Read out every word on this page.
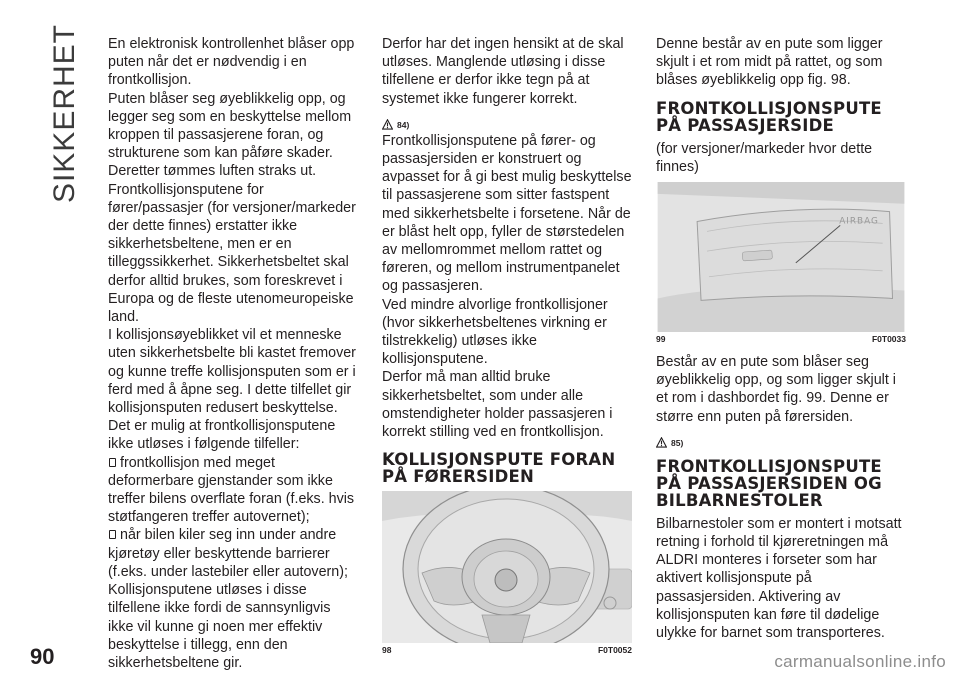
SIKKERHET En elektronisk kontrollenhet blåser opp puten når det er nødvendig i en frontkollisjon.

Puten blåser seg øyeblikkelig opp, og legger seg som en beskyttelse mellom kroppen til passasjerene foran, og strukturene som kan påføre skader. Deretter tømmes luften straks ut.

Frontkollisjonsputene for fører/passasjer (for versjoner/markeder der dette finnes) erstatter ikke sikkerhetsbeltene, men er en tilleggssikkerhet. Sikkerhetsbeltet skal derfor alltid brukes, som foreskrevet i Europa og de fleste utenomeuropeiske land.

I kollisjonsøyeblikket vil et menneske uten sikkerhetsbelte bli kastet fremover og kunne treffe kollisjonsputen som er i ferd med å åpne seg. I dette tilfellet gir kollisjonsputen redusert beskyttelse.

Det er mulig at frontkollisjonsputene ikke utløses i følgende tilfeller:

frontkollisjon med meget deformerbare gjenstander som ikke treffer bilens overflate foran (f.eks. hvis støtfangeren treffer autovernet);

når bilen kiler seg inn under andre kjøretøy eller beskyttende barrierer (f.eks. under lastebiler eller autovern);

Kollisjonsputene utløses i disse tilfellene ikke fordi de sannsynligvis ikke vil kunne gi noen mer effektiv beskyttelse i tillegg, enn den sikkerhetsbeltene gir.

Derfor har det ingen hensikt at de skal utløses. Manglende utløsing i disse tilfellene er derfor ikke tegn på at systemet ikke fungerer korrekt.

84)

Frontkollisjonsputene på fører- og passasjersiden er konstruert og avpasset for å gi best mulig beskyttelse til passasjerene som sitter fastspent med sikkerhetsbelte i forsetene. Når de er blåst helt opp, fyller de størstedelen av mellomrommet mellom rattet og føreren, og mellom instrumentpanelet og passasjeren.

Ved mindre alvorlige frontkollisjoner (hvor sikkerhetsbeltenes virkning er tilstrekkelig) utløses ikke kollisjonsputene.

Derfor må man alltid bruke sikkerhetsbeltet, som under alle omstendigheter holder passasjeren i korrekt stilling ved en frontkollisjon.

KOLLISJONSPUTE FORAN PÅ FØRERSIDEN
98	F0T0052

Denne består av en pute som ligger skjult i et rom midt på rattet, og som blåses øyeblikkelig opp fig. 98.

FRONTKOLLISJONSPUTE PÅ PASSASJERSIDE

(for versjoner/markeder hvor dette finnes)

AIRBAG
99	F0T0033

Består av en pute som blåser seg øyeblikkelig opp, og som ligger skjult i et rom i dashbordet fig. 99. Denne er større enn puten på førersiden.

85)
FRONTKOLLISJONSPUTE PÅ PASSASJERSIDEN OG BILBARNESTOLER

Bilbarnestoler som er montert i motsatt retning i forhold til kjøreretningen må ALDRI monteres i forseter som har aktivert kollisjonspute på passasjersiden. Aktivering av kollisjonsputen kan føre til dødelige ulykke for barnet som transporteres.

90	carmanualsonline.info
